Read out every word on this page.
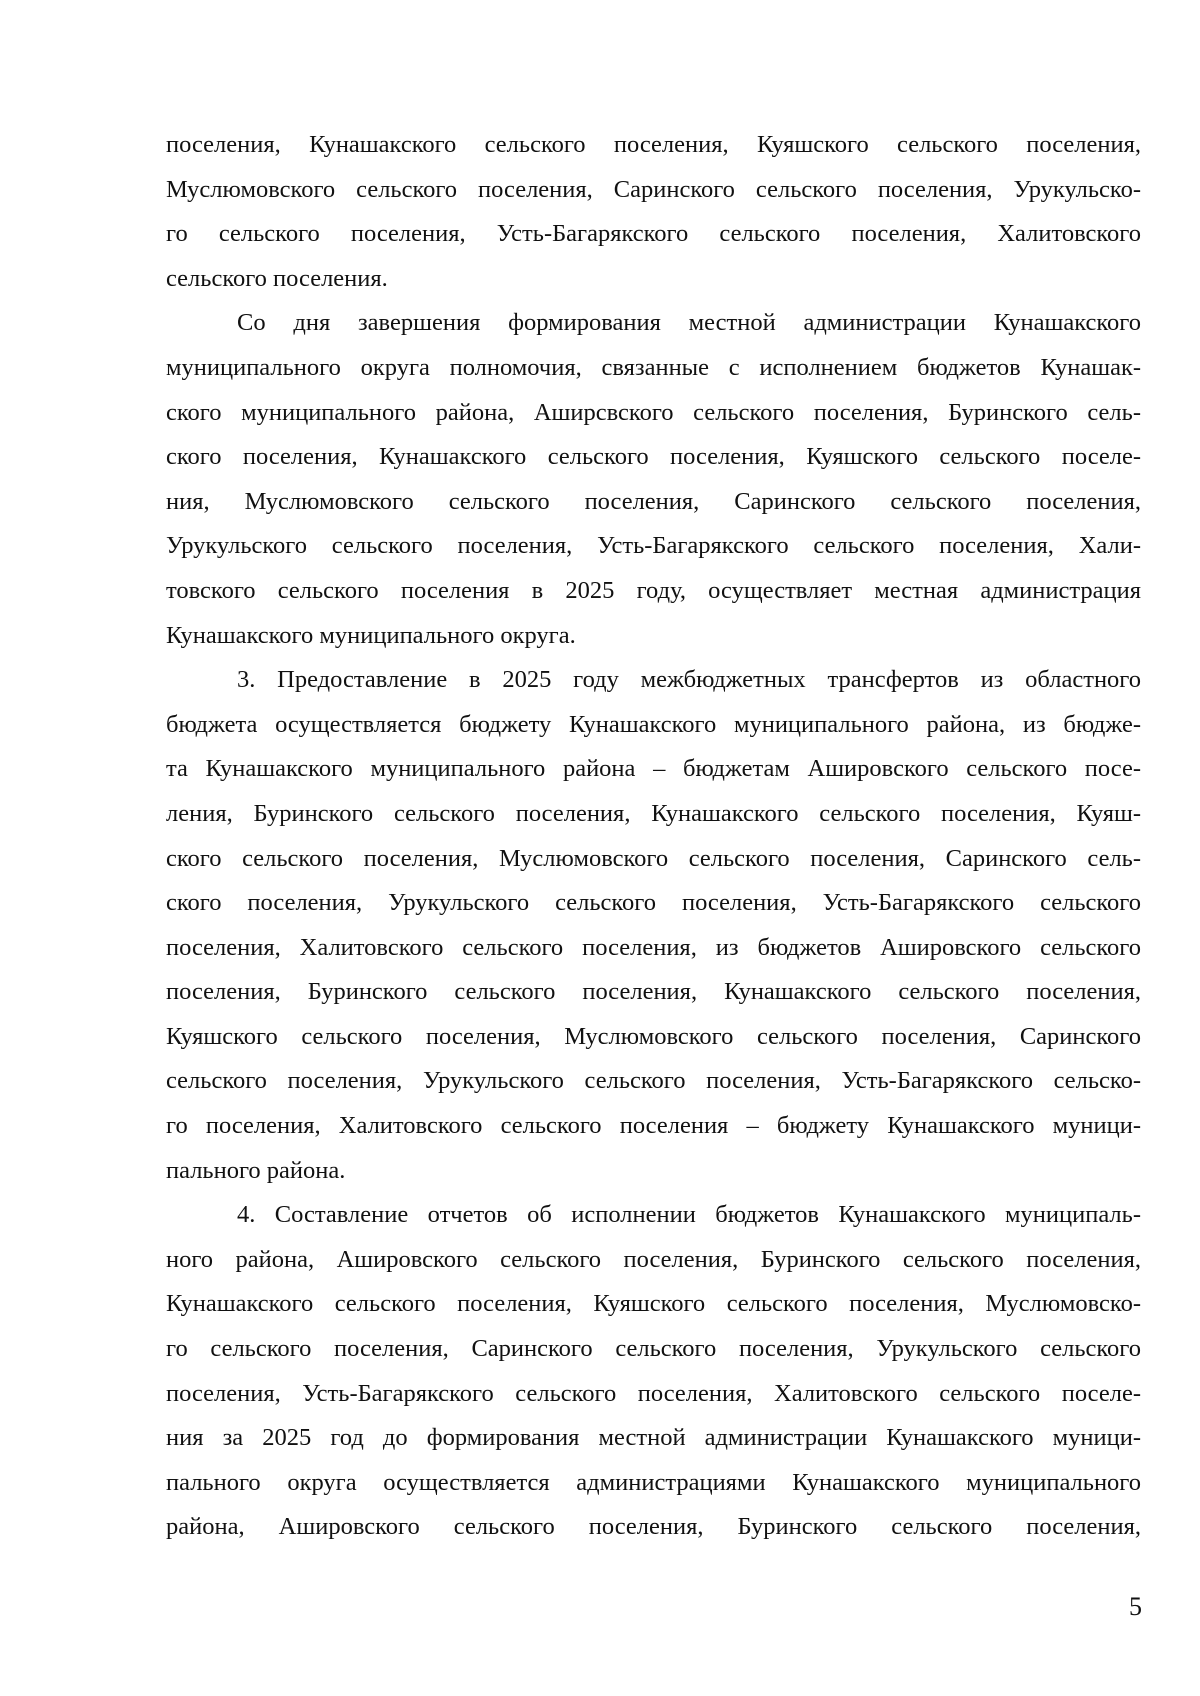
поселения, Кунашакского сельского поселения, Куяшского сельского поселения,
Муслюмовского сельского поселения, Саринского сельского поселения, Урукульско-
го сельского поселения, Усть-Багарякского сельского поселения, Халитовского
сельского поселения.

Со дня завершения формирования местной администрации Кунашакского
муниципального округа полномочия, связанные с исполнением бюджетов Кунашак-
ского муниципального района, Аширсвского сельского поселения, Буринского сель-
ского поселения, Кунашакского сельского поселения, Куяшского сельского поселе-
ния, Муслюмовского сельского поселения, Саринского сельского поселения,
Урукульского сельского поселения, Усть-Багарякского сельского поселения, Хали-
товского сельского поселения в 2025 году, осуществляет местная администрация
Кунашакского муниципального округа.

3. Предоставление в 2025 году межбюджетных трансфертов из областного
бюджета осуществляется бюджету Кунашакского муниципального района, из бюдже-
та Кунашакского муниципального района – бюджетам Ашировского сельского посе-
ления, Буринского сельского поселения, Кунашакского сельского поселения, Куяш-
ского сельского поселения, Муслюмовского сельского поселения, Саринского сель-
ского поселения, Урукульского сельского поселения, Усть-Багарякского сельского
поселения, Халитовского сельского поселения, из бюджетов Ашировского сельского
поселения, Буринского сельского поселения, Кунашакского сельского поселения,
Куяшского сельского поселения, Муслюмовского сельского поселения, Саринского
сельского поселения, Урукульского сельского поселения, Усть-Багарякского сельско-
го поселения, Халитовского сельского поселения – бюджету Кунашакского муници-
пального района.

4. Составление отчетов об исполнении бюджетов Кунашакского муниципаль-
ного района, Ашировского сельского поселения, Буринского сельского поселения,
Кунашакского сельского поселения, Куяшского сельского поселения, Муслюмовско-
го сельского поселения, Саринского сельского поселения, Урукульского сельского
поселения, Усть-Багарякского сельского поселения, Халитовского сельского поселе-
ния за 2025 год до формирования местной администрации Кунашакского муници-
пального округа осуществляется администрациями Кунашакского муниципального
района, Ашировского сельского поселения, Буринского сельского поселения,

5
